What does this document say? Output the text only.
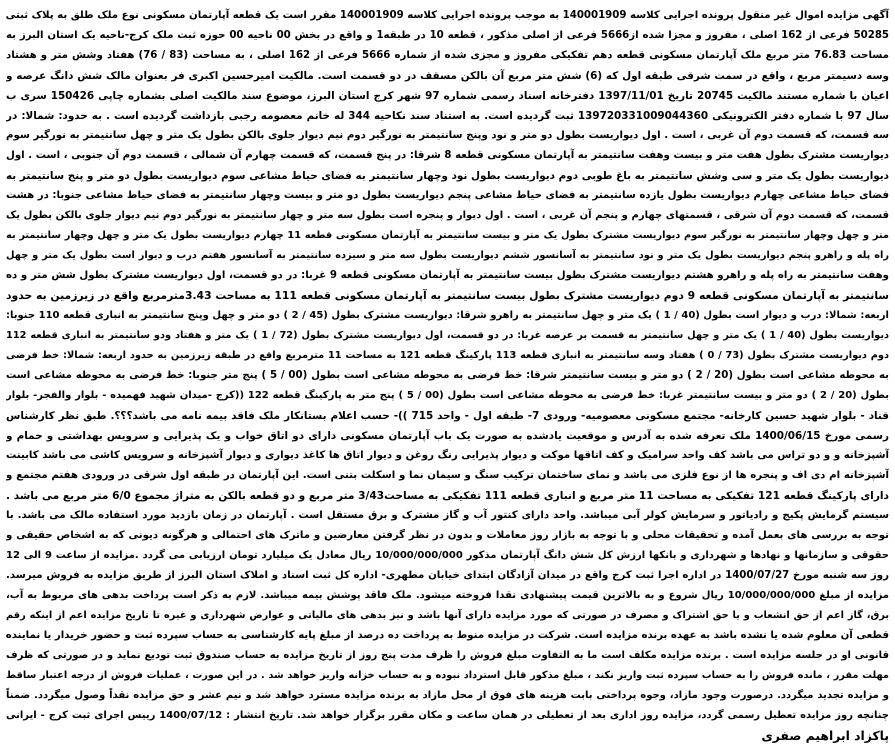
آگهی مزایده اموال غیر منقول پرونده اجرایی کلاسه 140001909 به موجب پرونده اجرایی کلاسه 140001909 مقرر است یک قطعه آپارتمان مسکونی نوع ملک طلق به پلاک ثبتی
50285 فرعی از 162 اصلی ، مفروز و مجزا شده از5666 فرعی از اصلی مذکور ، قطعه 10 در طبقه1 و واقع در بخش 00 ناحیه 00 حوزه ثبت ملک کرج-ناحیه یک استان البرز به
مساحت 76.83 متر مربع ملک آپارتمان مسکونی قطعه دهم تفکیکی مفروز و مجزی شده از شماره 5666 فرعی از 162 اصلی ، به مساحت (83 / 76) هفتاد وشش متر و هشتاد
وسه دسیمتر مربع ، واقع در سمت شرقی طبقه اول که (6) شش متر مربع آن بالکن مسقف در دو قسمت است. مالکیت امیرحسین اکبری فر بعنوان مالک شش دانگ عرصه و
اعیان با شماره مستند مالکیت 20745 تاریخ 1397/11/01 دفترخانه اسناد رسمی شماره 97 شهر کرج استان البرز، موضوع سند مالکیت اصلی بشماره چاپی 150426 سری ب
سال 97 با شماره دفتر الکترونیکی 139720331009044360 ثبت گردیده است. به استناد سند نکاحیه 344 له خانم معصومه رجبی بازداشت گردیده است . به حدود: شمالا: در
سه قسمت، که قسمت دوم آن غربی ، است . اول دیواریست بطول دو متر و نود وپنج سانتیمتر به نورگیر دوم نیم دیوار جلوی بالکن بطول یک متر و چهل سانتیمتر به نورگیر سوم
دیواریست مشترک بطول هفت متر و بیست وهفت سانتیمتر به آپارتمان مسکونی قطعه 8 شرقا: در پنج قسمت، که قسمت چهارم آن شمالی ، قسمت دوم آن جنوبی ، است . اول
دیواریست بطول یک متر و سی وشش سانتیمتر به باغ طوبی دوم دیواریست بطول نود وچهار سانتیمتر به فضای حیاط مشاعی سوم دیواریست بطول دو متر و پنج سانتیمتر به
فضای حیاط مشاعی چهارم دیواریست بطول یازده سانتیمتر به فضای حیاط مشاعی پنجم دیواریست بطول دو متر و بیست وچهار سانتیمتر به فضای حیاط مشاعی جنوبا: در هشت
قسمت، که قسمت دوم آن شرقی ، قسمتهای چهارم و پنجم آن غربی ، است . اول دیوار و پنجره است بطول سه متر و چهار سانتیمتر به نورگیر دوم نیم دیوار جلوی بالکن بطول یک
متر و چهل وچهار سانتیمتر به نورگیر سوم دیواریست مشترک بطول یک متر و بیست سانتیمتر به آپارتمان مسکونی قطعه 11 چهارم دیواریست بطول یک متر و چهل وچهار سانتیمتر به
راه پله و راهرو پنجم دیواریست بطول یک متر و نود سانتیمتر به آسانسور ششم دیواریست بطول سه متر و سیزده سانتیمتر به آسانسور هفتم درب و دیوار است بطول یک متر و چهل
وهفت سانتیمتر به راه پله و راهرو هشتم دیواریست مشترک بطول بیست سانتیمتر به آپارتمان مسکونی قطعه 9 غربا: در دو قسمت، اول دیواریست مشترک بطول شش متر و ده
سانتیمتر به آپارتمان مسکونی قطعه 9 دوم دیواریست مشترک بطول بیست سانتیمتر به آپارتمان مسکونی قطعه 111 به مساحت 3.43مترمربع واقع در زیرزمین به حدود
اربعه: شمالا: درب و دیوار است بطول (40 / 1 ) یک متر و چهل سانتیمتر به راهرو شرقا: دیواریست مشترک بطول (45 / 2 ) دو متر و چهل وپنج سانتیمتر به انباری قطعه 110 جنوبا:
دیواریست بطول (40 / 1 ) یک متر و چهل سانتیمتر به قسمت بر عرصه غربا: در دو قسمت، اول دیواریست مشترک بطول (72 / 1 ) یک متر و هفتاد ودو سانتیمتر به انباری قطعه 112
دوم دیواریست مشترک بطول (73 / 0 ) هفتاد وسه سانتیمتر به انباری قطعه 113 پارکینگ قطعه 121 به مساحت 11 مترمربع واقع در طبقه زیرزمین به حدود اربعه: شمالا: خط فرضی
به محوطه مشاعی است بطول (20 / 2 ) دو متر و بیست سانتیمتر شرقا: خط فرضی به محوطه مشاعی است بطول (00 / 5 ) پنج متر جنوبا: خط فرضی به محوطه مشاعی است
بطول (20 / 2 ) دو متر و بیست سانتیمتر غربا: خط فرضی به محوطه مشاعی است بطول (00 / 5 ) پنج متر به پارکینگ قطعه 122 ((کرج -میدان شهید فهمیده - بلوار والفجر- بلوار
قناد - بلوار شهید حسین کارخانه- مجتمع مسکونی معصومیه- ورودی 7- طبقه اول - واحد 715 ))- حسب اعلام بستانکار ملک فاقد بیمه نامه می باشد؟؟؟. طبق نظر کارشناس
رسمی مورخ 1400/06/15 ملک تعرفه شده به آدرس و موقعیت یادشده به صورت یک باب آپارتمان مسکونی دارای دو اتاق خواب و یک پذیرایی و سرویس بهداشتی و حمام و
آشپزخانه و و دو تراس می باشد کف واحد سرامیک و کف اتاقها موکت و دیوار پذیرایی رنگ روغن و دیوار اتاق ها کاغذ دیواری و دیوار آشپزخانه و سرویس کاشی می باشد کابینت
آشپزخانه ام دی اف و پنجره ها از نوع فلزی می باشد و نمای ساختمان ترکیب سنگ و سیمان نما و اسکلت بتنی است. این آپارتمان در طبقه اول شرقی در ورودی هفتم مجتمع و
دارای پارکینگ قطعه 121 تفکیکی به مساحت 11 متر مربع و انباری قطعه 111 تفکیکی به مساحت3/43 متر مربع و دو قطعه بالکن به متراژ مجموع 6/0 متر مربع می باشد .
سیستم گرمایش پکیج و رادیاتور و سرمایش کولر آبی میباشد. واحد دارای کنتور آب و گاز مشترک و برق مستقل است . آپارتمان در زمان بازدید مورد استفاده مالک می باشد. با
توجه به بررسی های بعمل آمده و تحقیقات محلی و با توجه به بازار روز معاملات و بدون در نظر گرفتن معارضین و ماترک های احتمالی و هرگونه دیونی که به اشخاص حقیقی و
حقوقی و سازمانها و نهادها و شهرداری و بانکها ارزش کل شش دانگ آپارتمان مذکور 10/000/000/000 ریال معادل یک میلیارد تومان ارزیابی می گردد .مزایده از ساعت 9 الی 12
روز سه شنبه مورخ 1400/07/27 در اداره اجرا ثبت کرج واقع در میدان آزادگان ابتدای خیابان مطهری- اداره کل ثبت اسناد و املاک استان البرز از طریق مزایده به فروش میرسد.
مزایده از مبلغ 10/000/000/000 ریال شروع و به بالاترین قیمت پیشنهادی نقدا فروخته میشود. ملک فاقد پوشش بیمه میباشد. لازم به ذکر است پرداخت بدهی های مربوط به آب،
برق، گاز اعم از حق انشعاب و یا حق اشتراک و مصرف در صورتی که مورد مزایده دارای آنها باشد و نیز بدهی های مالیاتی و عوارض شهرداری و غیره تا تاریخ مزایده اعم از اینکه رقم
قطعی آن معلوم شده یا نشده باشد به عهده برنده مزایده است. شرکت در مزایده منوط به پرداخت ده درصد از مبلغ پایه کارشناسی به حساب سپرده ثبت و حضور خریدار یا نماینده
قانونی او در جلسه مزایده است . برنده مزایده مکلف است ما به التفاوت مبلغ فروش را ظرف مدت پنج روز از تاریخ مزایده به حساب صندوق ثبت تودیع نماید و در صورتی که ظرف
مهلت مقرر ، مانده فروش را به حساب سپرده ثبت واریز نکند ، مبلغ مذکور قابل استرداد نبوده و به حساب خزانه واریز خواهد شد . در این صورت ، عملیات فروش از درجه اعتبار ساقط
و مزایده تجدید میگردد. درصورت وجود مازاد، وجوه پرداختی بابت هزینه های فوق از محل مازاد به برنده مزایده مسترد خواهد شد و نیم عشر و حق مزایده نقداً وصول میگردد. ضمناً
چنانچه روز مزایده تعطیل رسمی گردد، مزایده روز اداری بعد از تعطیلی در همان ساعت و مکان مقرر برگزار خواهد شد. تاریخ انتشار : 1400/07/12 رییس اجرای ثبت کرج - ایرانی
پاکزاد ابراهیم صفری
